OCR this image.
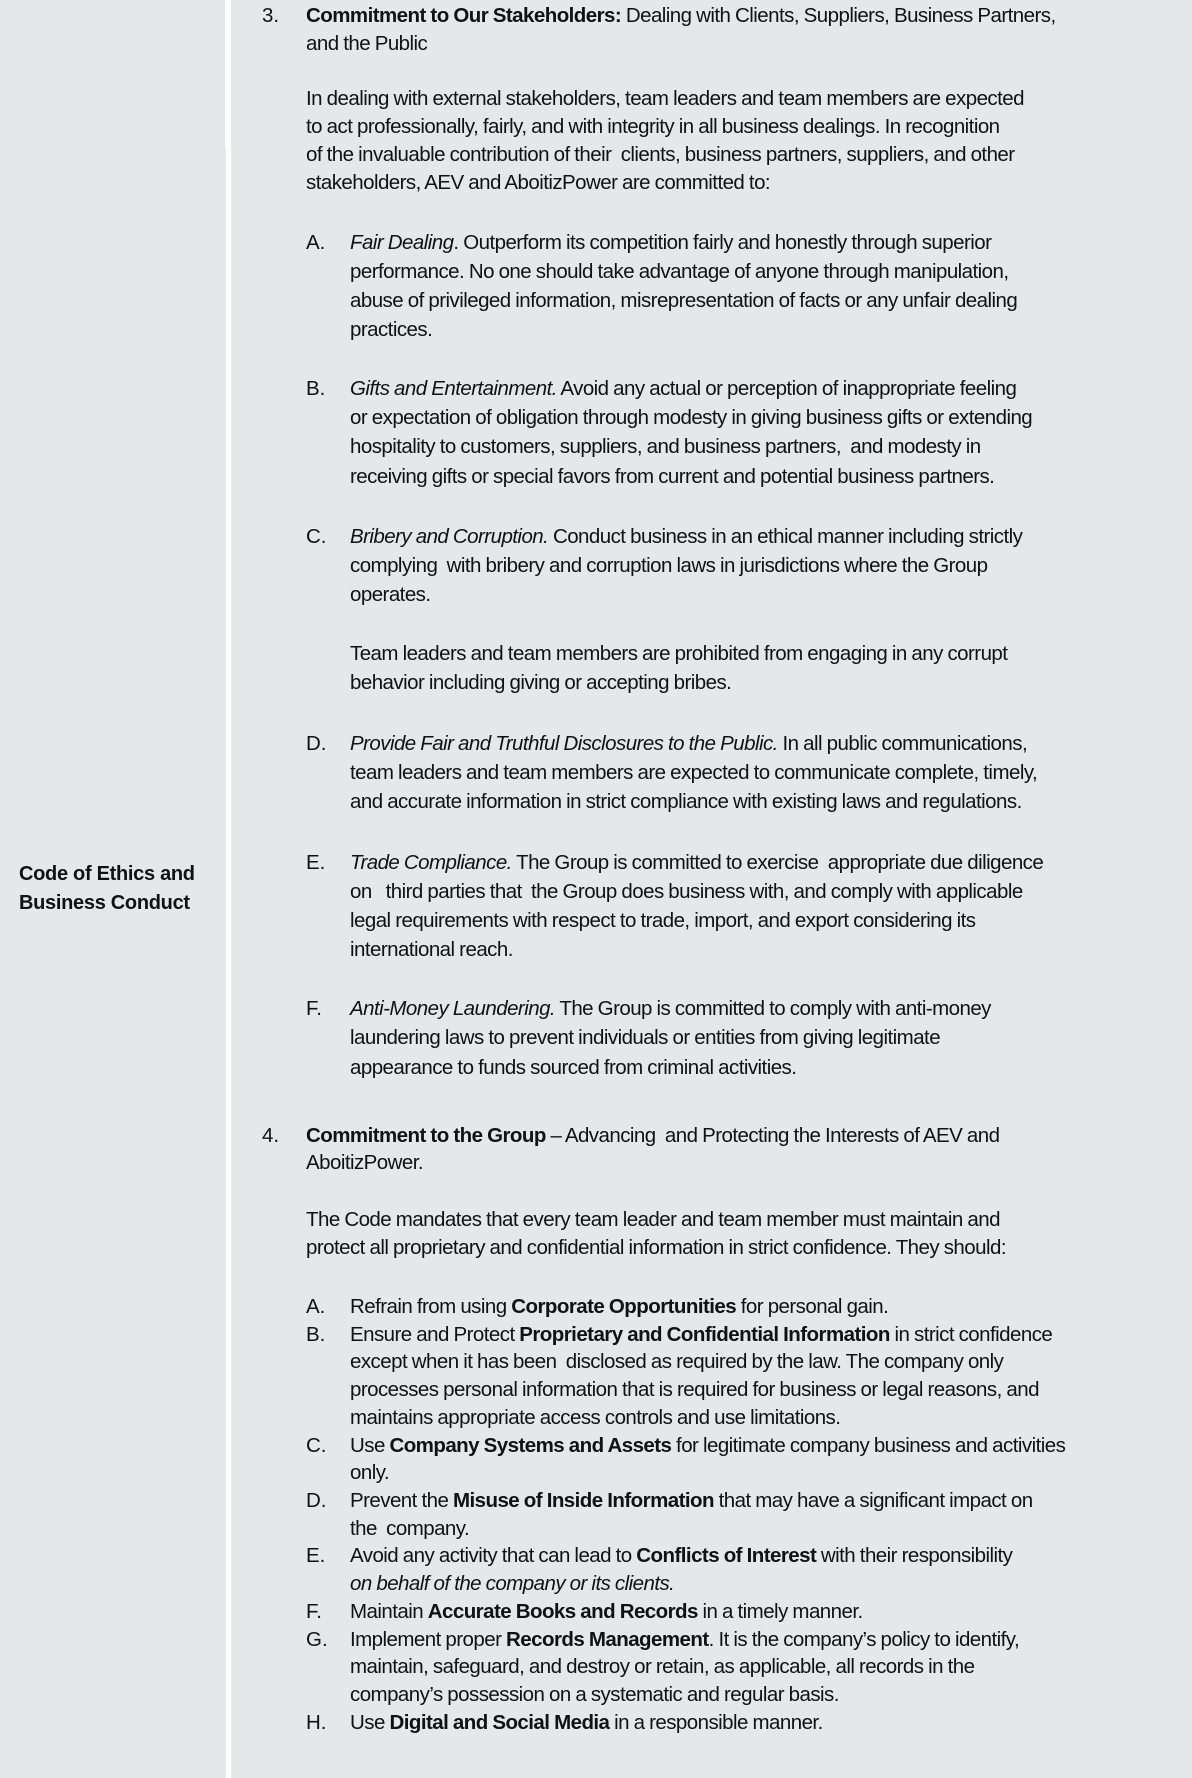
Code of Ethics and
Business Conduct
3.
A.
B.
C.
D.
E.
F.
4.
A.
B.
C.
D.
E.
F.
G.
H.
Commitment to Our Stakeholders: Dealing with Clients, Suppliers, Business Partners,
and the Public
In dealing with external stakeholders, team leaders and team members are expected
to act professionally, fairly, and with integrity in all business dealings. In recognition
of the invaluable contribution of their  clients, business partners, suppliers, and other
stakeholders, AEV and AboitizPower are committed to:
Fair Dealing. Outperform its competition fairly and honestly through superior
performance. No one should take advantage of anyone through manipulation,
abuse of privileged information, misrepresentation of facts or any unfair dealing
practices.
Gifts and Entertainment. Avoid any actual or perception of inappropriate feeling
or expectation of obligation through modesty in giving business gifts or extending
hospitality to customers, suppliers, and business partners,  and modesty in
receiving gifts or special favors from current and potential business partners.
Bribery and Corruption. Conduct business in an ethical manner including strictly
complying  with bribery and corruption laws in jurisdictions where the Group
operates.
Team leaders and team members are prohibited from engaging in any corrupt
behavior including giving or accepting bribes.
Provide Fair and Truthful Disclosures to the Public. In all public communications,
team leaders and team members are expected to communicate complete, timely,
and accurate information in strict compliance with existing laws and regulations.
Trade Compliance. The Group is committed to exercise  appropriate due diligence
on   third parties that  the Group does business with, and comply with applicable
legal requirements with respect to trade, import, and export considering its
international reach.
Anti-Money Laundering. The Group is committed to comply with anti-money
laundering laws to prevent individuals or entities from giving legitimate
appearance to funds sourced from criminal activities.
Commitment to the Group – Advancing  and Protecting the Interests of AEV and
AboitizPower.
The Code mandates that every team leader and team member must maintain and
protect all proprietary and confidential information in strict confidence. They should:
Refrain from using Corporate Opportunities for personal gain.
Ensure and Protect Proprietary and Confidential Information in strict confidence
except when it has been  disclosed as required by the law. The company only
processes personal information that is required for business or legal reasons, and
maintains appropriate access controls and use limitations.
Use Company Systems and Assets for legitimate company business and activities
only.
Prevent the Misuse of Inside Information that may have a significant impact on
the  company.
Avoid any activity that can lead to Conflicts of Interest with their responsibility
on behalf of the company or its clients.
Maintain Accurate Books and Records in a timely manner.
Implement proper Records Management. It is the company’s policy to identify,
maintain, safeguard, and destroy or retain, as applicable, all records in the
company’s possession on a systematic and regular basis.
Use Digital and Social Media in a responsible manner.
